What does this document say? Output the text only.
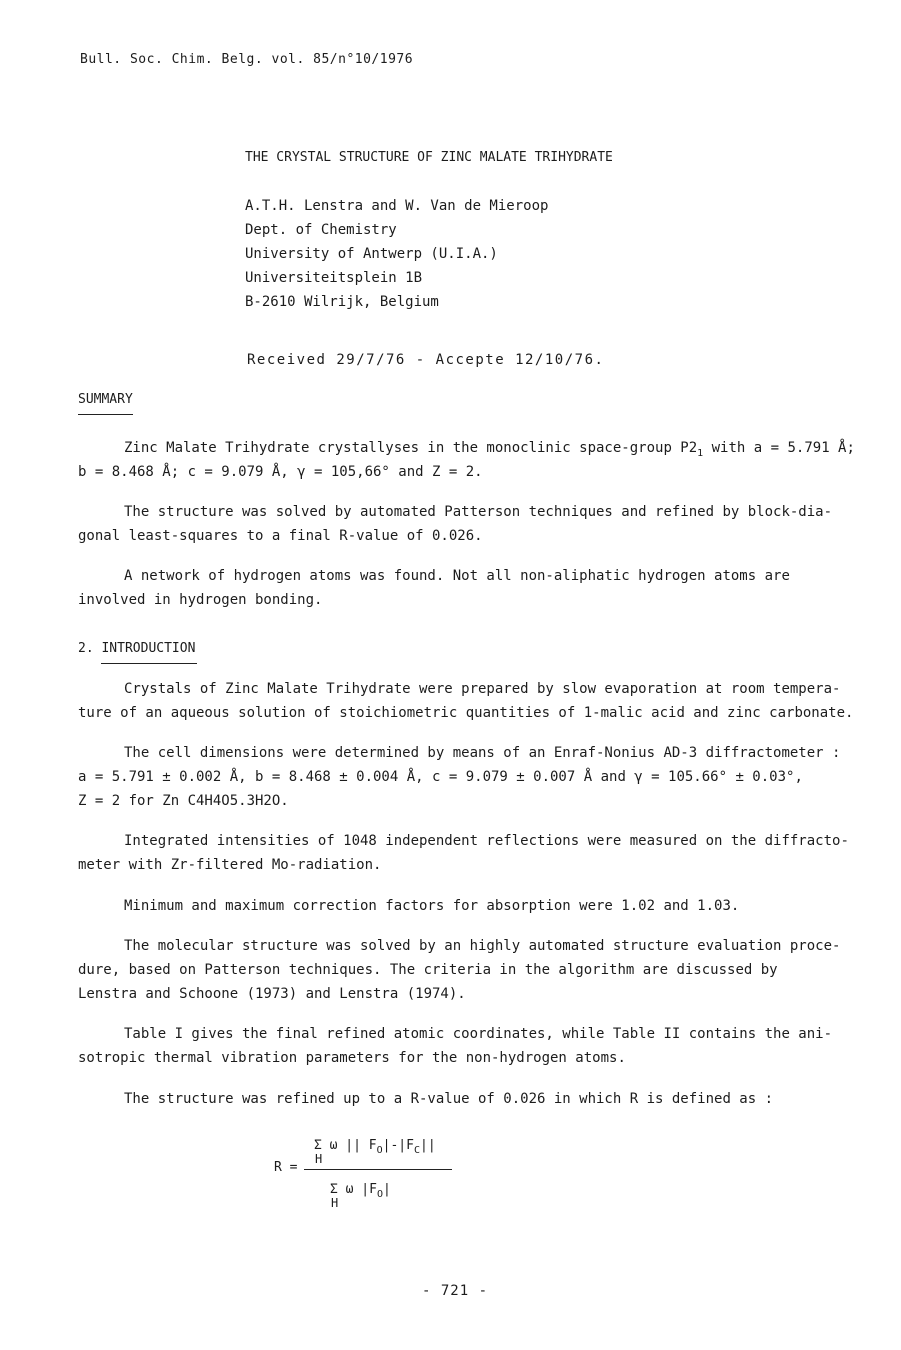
Bull. Soc. Chim. Belg. vol. 85/n°10/1976
THE CRYSTAL STRUCTURE OF ZINC MALATE TRIHYDRATE
A.T.H. Lenstra and W. Van de Mieroop
Dept. of Chemistry
University of Antwerp (U.I.A.)
Universiteitsplein 1B
B-2610 Wilrijk, Belgium
Received 29/7/76 - Accepte 12/10/76.
SUMMARY
Zinc Malate Trihydrate crystallyses in the monoclinic space-group $P2_1$ with a = 5.791 Å;
b = 8.468 Å; c = 9.079 Å, γ = 105,66° and Z = 2.
The structure was solved by automated Patterson techniques and refined by block-dia-
gonal least-squares to a final R-value of 0.026.
A network of hydrogen atoms was found. Not all non-aliphatic hydrogen atoms are
involved in hydrogen bonding.
2. INTRODUCTION
Crystals of Zinc Malate Trihydrate were prepared by slow evaporation at room tempera-
ture of an aqueous solution of stoichiometric quantities of 1-malic acid and zinc carbonate.
The cell dimensions were determined by means of an Enraf-Nonius AD-3 diffractometer :
a = 5.791 ± 0.002 Å, b = 8.468 ± 0.004 Å, c = 9.079 ± 0.007 Å and γ = 105.66° ± 0.03°,
Z = 2 for Zn C4H4O5.3H2O.
Integrated intensities of 1048 independent reflections were measured on the diffracto-
meter with Zr-filtered Mo-radiation.
Minimum and maximum correction factors for absorption were 1.02 and 1.03.
The molecular structure was solved by an highly automated structure evaluation proce-
dure, based on Patterson techniques. The criteria in the algorithm are discussed by
Lenstra and Schoone (1973) and Lenstra (1974).
Table I gives the final refined atomic coordinates, while Table II contains the ani-
sotropic thermal vibration parameters for the non-hydrogen atoms.
The structure was refined up to a R-value of 0.026 in which R is defined as :
R =
Σ ω || $F_O|-|F_C||$
H
Σ ω $|F_O|$
H
- 721 -
